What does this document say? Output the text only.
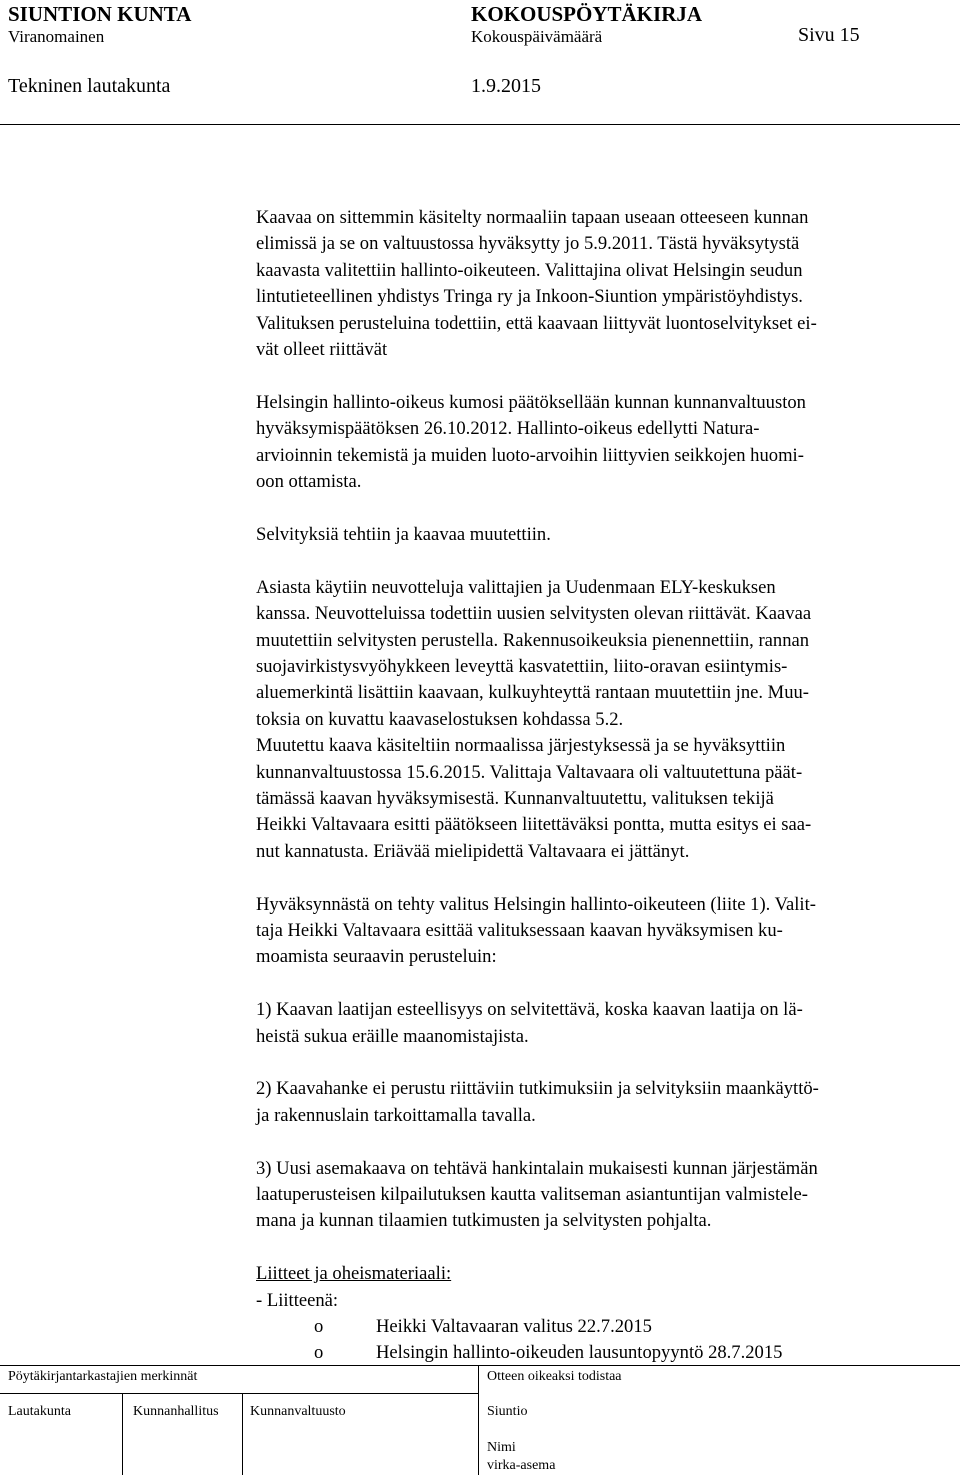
SIUNTION KUNTA	KOKOUSPÖYTÄKIRJA
Viranomainen	Kokouspäivämäärä	Sivu 15
Tekninen lautakunta	1.9.2015

Kaavaa on sittemmin käsitelty normaaliin tapaan useaan otteeseen kunnan

elimissä ja se on valtuustossa hyväksytty jo 5.9.2011. Tästä hyväksytystä

kaavasta valitettiin hallinto-oikeuteen. Valittajina olivat Helsingin seudun

lintutieteellinen yhdistys Tringa ry ja Inkoon-Siuntion ympäristöyhdistys.

Valituksen perusteluina todettiin, että kaavaan liittyvät luontoselvitykset ei-

vät olleet riittävät

Helsingin hallinto-oikeus kumosi päätöksellään kunnan kunnanvaltuuston

hyväksymispäätöksen 26.10.2012. Hallinto-oikeus edellytti Natura-

arvioinnin tekemistä ja muiden luoto-arvoihin liittyvien seikkojen huomi-

oon ottamista.

Selvityksiä tehtiin ja kaavaa muutettiin.

Asiasta käytiin neuvotteluja valittajien ja Uudenmaan ELY-keskuksen

kanssa. Neuvotteluissa todettiin uusien selvitysten olevan riittävät. Kaavaa

muutettiin selvitysten perustella. Rakennusoikeuksia pienennettiin, rannan

suojavirkistysvyöhykkeen leveyttä kasvatettiin, liito-oravan esiintymis-

aluemerkintä lisättiin kaavaan, kulkuyhteyttä rantaan muutettiin jne. Muu-

toksia on kuvattu kaavaselostuksen kohdassa 5.2.

Muutettu kaava käsiteltiin normaalissa järjestyksessä ja se hyväksyttiin

kunnanvaltuustossa 15.6.2015. Valittaja Valtavaara oli valtuutettuna päät-

tämässä kaavan hyväksymisestä. Kunnanvaltuutettu, valituksen tekijä

Heikki Valtavaara esitti päätökseen liitettäväksi pontta, mutta esitys ei saa-

nut kannatusta. Eriävää mielipidettä Valtavaara ei jättänyt.

Hyväksynnästä on tehty valitus Helsingin hallinto-oikeuteen (liite 1). Valit-

taja Heikki Valtavaara esittää valituksessaan kaavan hyväksymisen ku-

moamista seuraavin perusteluin:

1) Kaavan laatijan esteellisyys on selvitettävä, koska kaavan laatija on lä-

heistä sukua eräille maanomistajista.

2) Kaavahanke ei perustu riittäviin tutkimuksiin ja selvityksiin maankäyttö-

ja rakennuslain tarkoittamalla tavalla.

3) Uusi asemakaava on tehtävä hankintalain mukaisesti kunnan järjestämän

laatuperusteisen kilpailutuksen kautta valitseman asiantuntijan valmistele-

mana ja kunnan tilaamien tutkimusten ja selvitysten pohjalta.

Liitteet ja oheismateriaali:

- Liitteenä:

o	Heikki Valtavaaran valitus 22.7.2015

o	Helsingin hallinto-oikeuden lausuntopyyntö 28.7.2015

Pöytäkirjantarkastajien merkinnät	Otteen oikeaksi todistaa
Lautakunta	Kunnanhallitus Kunnanvaltuusto	Siuntio
Nimi
virka-asema
